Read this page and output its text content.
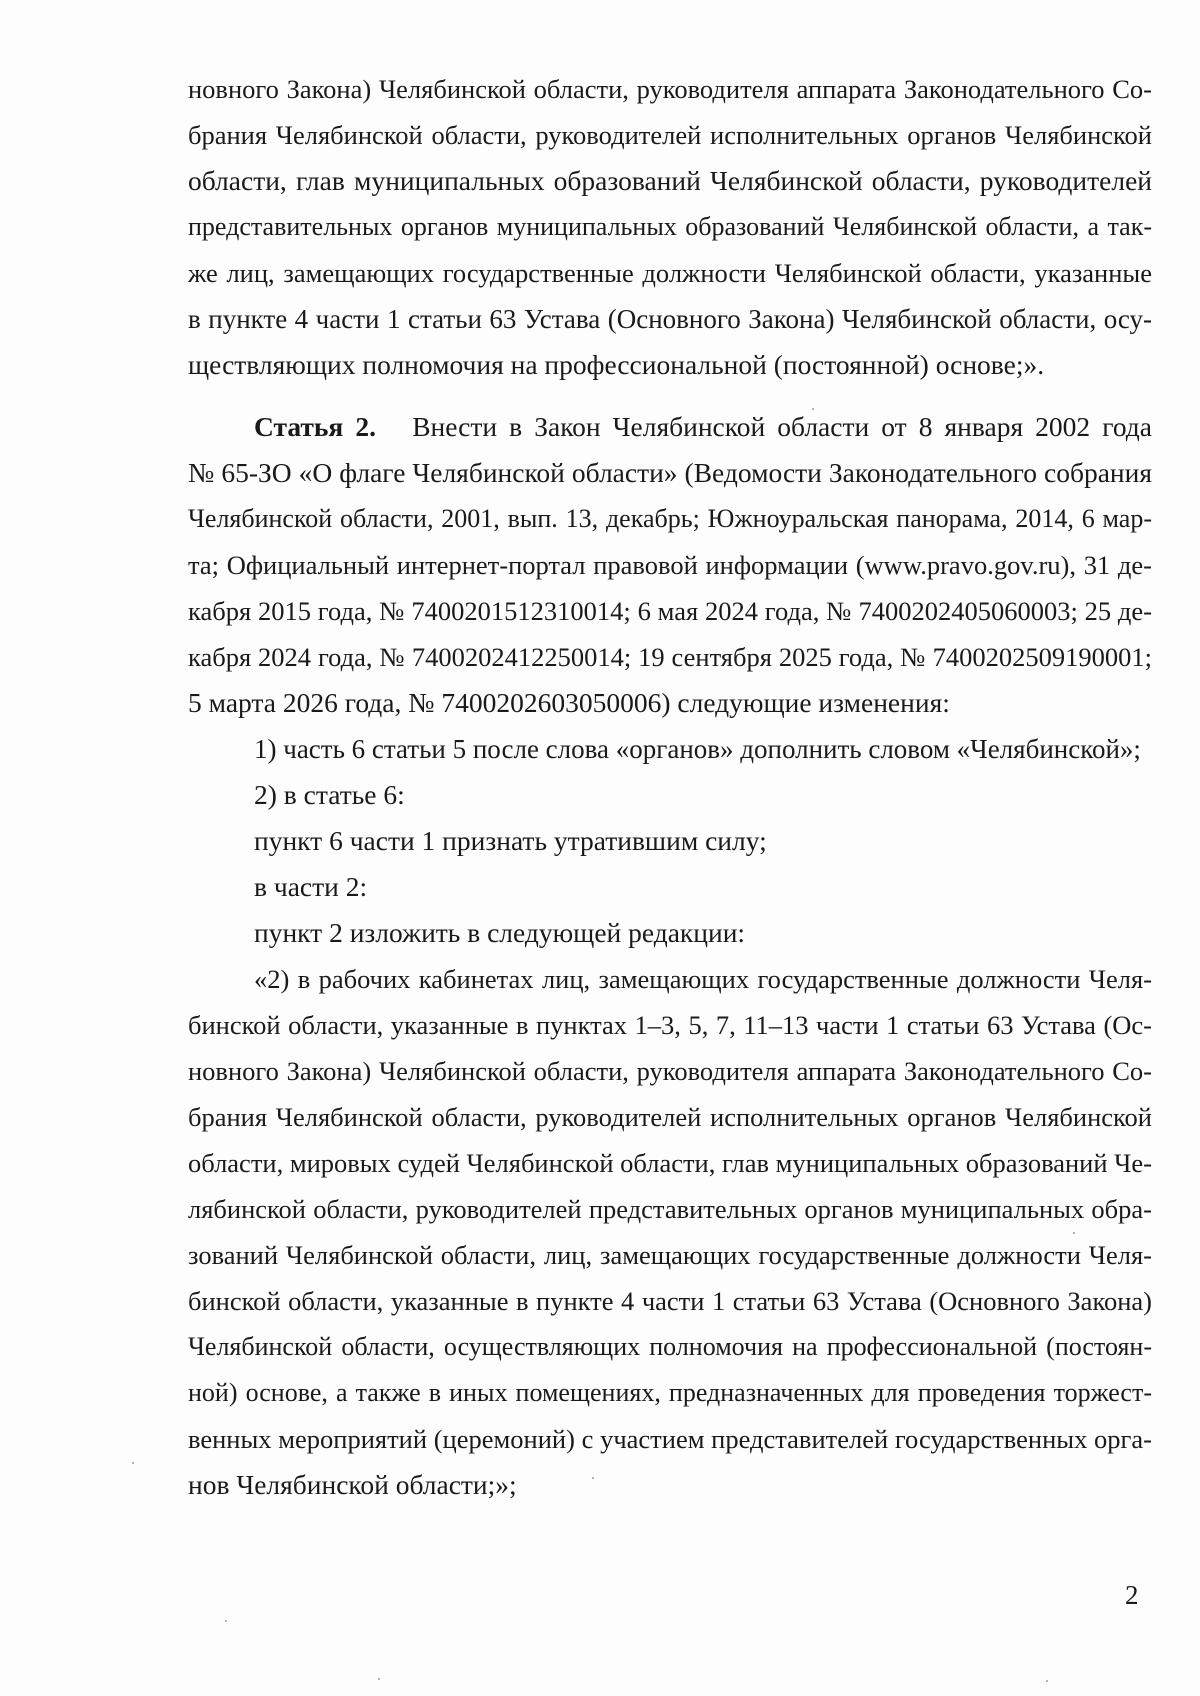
новного Закона) Челябинской области, руководителя аппарата Законодательного Со-
брания Челябинской области, руководителей исполнительных органов Челябинской
области, глав муниципальных образований Челябинской области, руководителей
представительных органов муниципальных образований Челябинской области, а так-
же лиц, замещающих государственные должности Челябинской области, указанные
в пункте 4 части 1 статьи 63 Устава (Основного Закона) Челябинской области, осу-
ществляющих полномочия на профессиональной (постоянной) основе;».
Статья 2. Внести в Закон Челябинской области от 8 января 2002 года
№ 65-ЗО «О флаге Челябинской области» (Ведомости Законодательного собрания
Челябинской области, 2001, вып. 13, декабрь; Южноуральская панорама, 2014, 6 мар-
та; Официальный интернет-портал правовой информации (www.pravo.gov.ru), 31 де-
кабря 2015 года, № 7400201512310014; 6 мая 2024 года, № 7400202405060003; 25 де-
кабря 2024 года, № 7400202412250014; 19 сентября 2025 года, № 7400202509190001;
5 марта 2026 года, № 7400202603050006) следующие изменения:
1) часть 6 статьи 5 после слова «органов» дополнить словом «Челябинской»;
2) в статье 6:
пункт 6 части 1 признать утратившим силу;
в части 2:
пункт 2 изложить в следующей редакции:
«2) в рабочих кабинетах лиц, замещающих государственные должности Челя-
бинской области, указанные в пунктах 1–3, 5, 7, 11–13 части 1 статьи 63 Устава (Ос-
новного Закона) Челябинской области, руководителя аппарата Законодательного Со-
брания Челябинской области, руководителей исполнительных органов Челябинской
области, мировых судей Челябинской области, глав муниципальных образований Че-
лябинской области, руководителей представительных органов муниципальных обра-
зований Челябинской области, лиц, замещающих государственные должности Челя-
бинской области, указанные в пункте 4 части 1 статьи 63 Устава (Основного Закона)
Челябинской области, осуществляющих полномочия на профессиональной (постоян-
ной) основе, а также в иных помещениях, предназначенных для проведения торжест-
венных мероприятий (церемоний) с участием представителей государственных орга-
нов Челябинской области;»;
2
